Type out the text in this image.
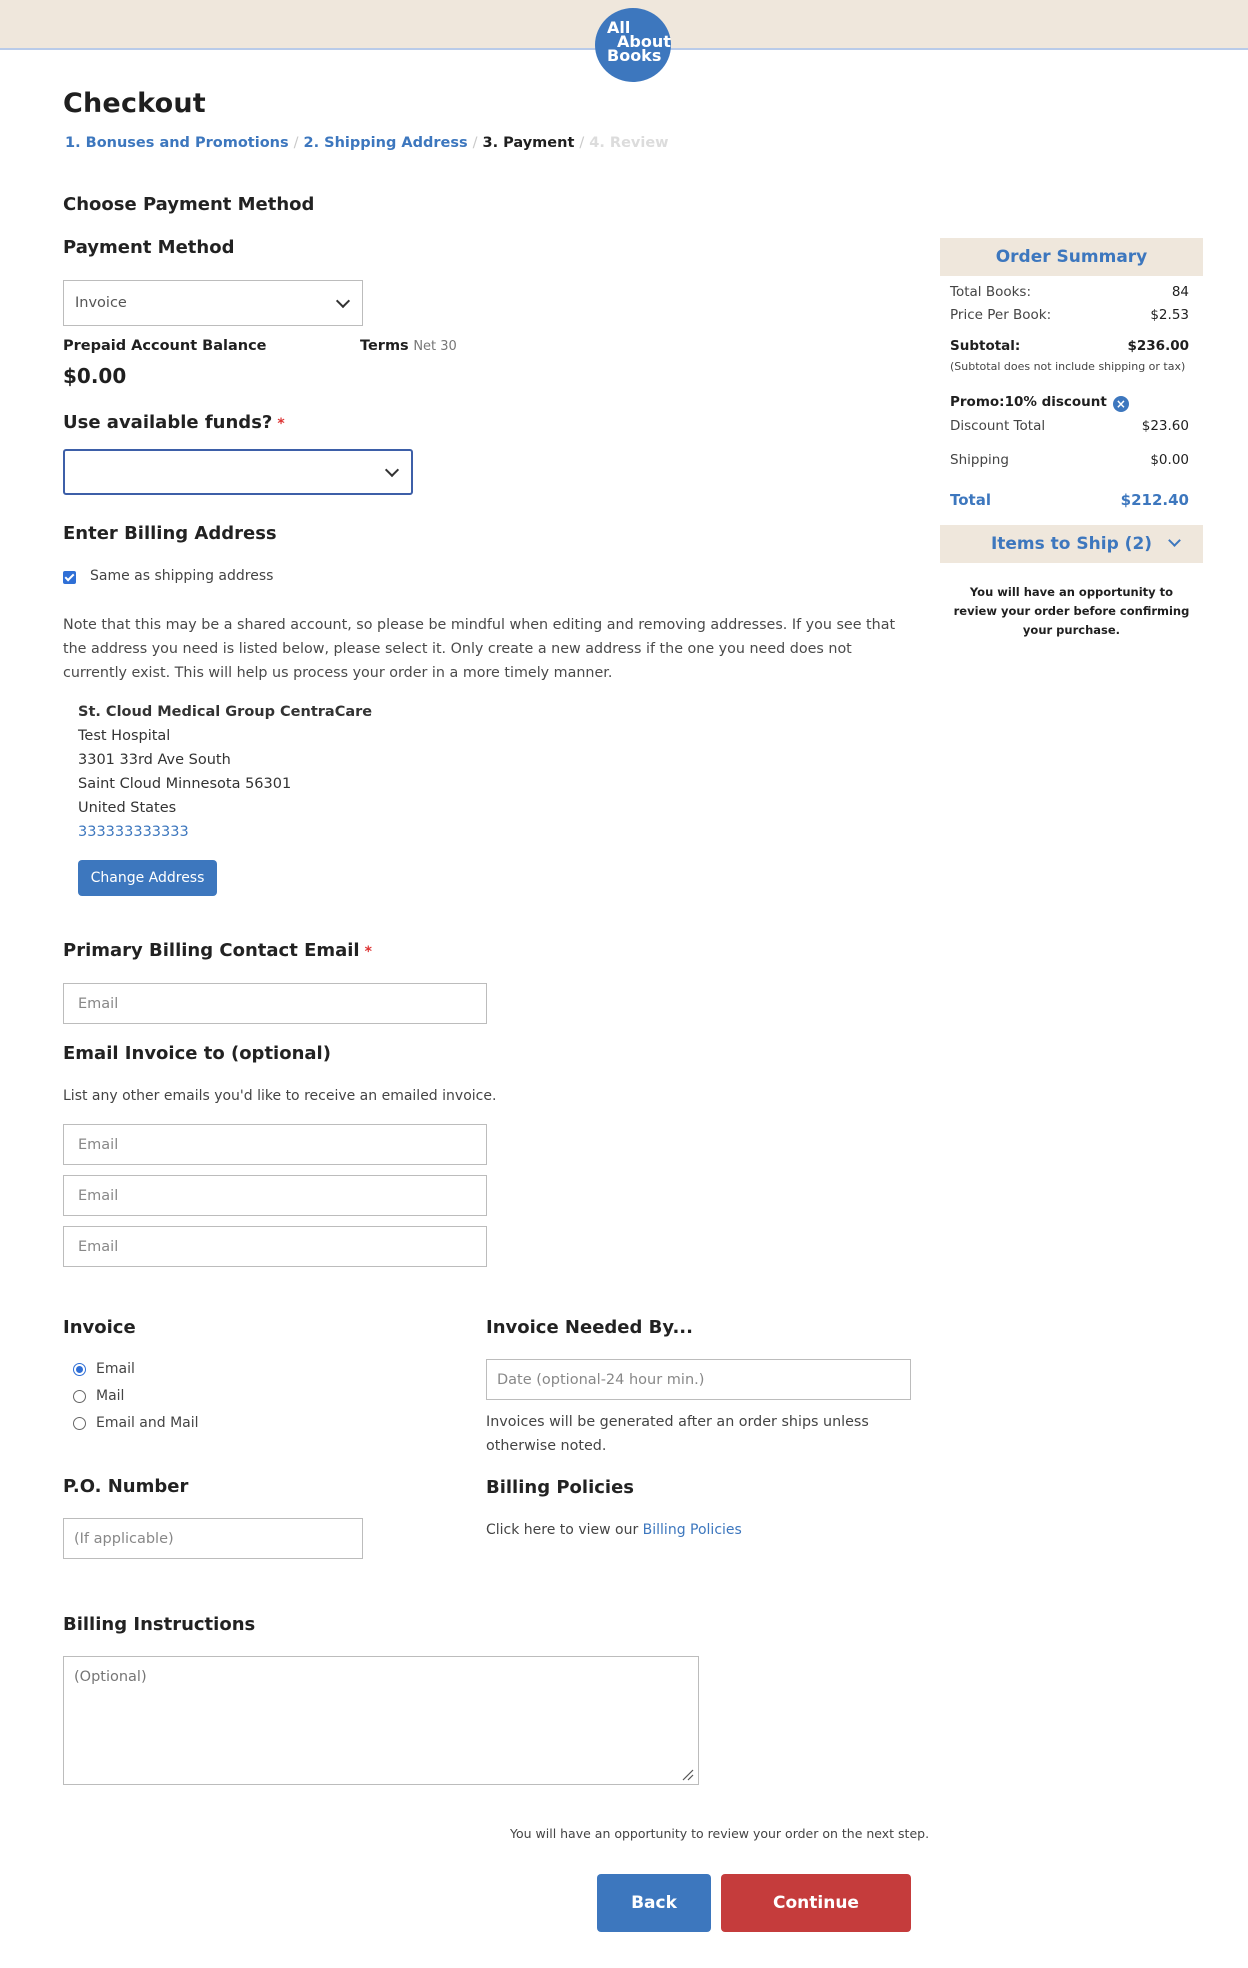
All
About
Books
Checkout
1. Bonuses and Promotions / 2. Shipping Address / 3. Payment / 4. Review
Choose Payment Method
Payment Method
Invoice
Prepaid Account Balance
$0.00
Terms Net 30
Use available funds? *
Enter Billing Address
Same as shipping address
Note that this may be a shared account, so please be mindful when editing and removing addresses. If you see that the address you need is listed below, please select it. Only create a new address if the one you need does not currently exist. This will help us process your order in a more timely manner.
St. Cloud Medical Group CentraCare
Test Hospital
3301 33rd Ave South
Saint Cloud Minnesota 56301
United States
333333333333
Change Address
Primary Billing Contact Email *
Email
Email Invoice to (optional)
List any other emails you'd like to receive an emailed invoice.
Email
Email
Email
Invoice
Email
Mail
Email and Mail
Invoice Needed By...
Date (optional-24 hour min.)
Invoices will be generated after an order ships unless otherwise noted.
P.O. Number
(If applicable)
Billing Policies
Click here to view our Billing Policies
Billing Instructions
(Optional)
You will have an opportunity to review your order on the next step.
Back	Continue
Order Summary
Total Books:	84
Price Per Book:	$2.53
Subtotal:	$236.00
(Subtotal does not include shipping or tax)
Promo:10% discount ×
Discount Total	$23.60
Shipping	$0.00
Total	$212.40
Items to Ship (2)
You will have an opportunity to review your order before confirming your purchase.
